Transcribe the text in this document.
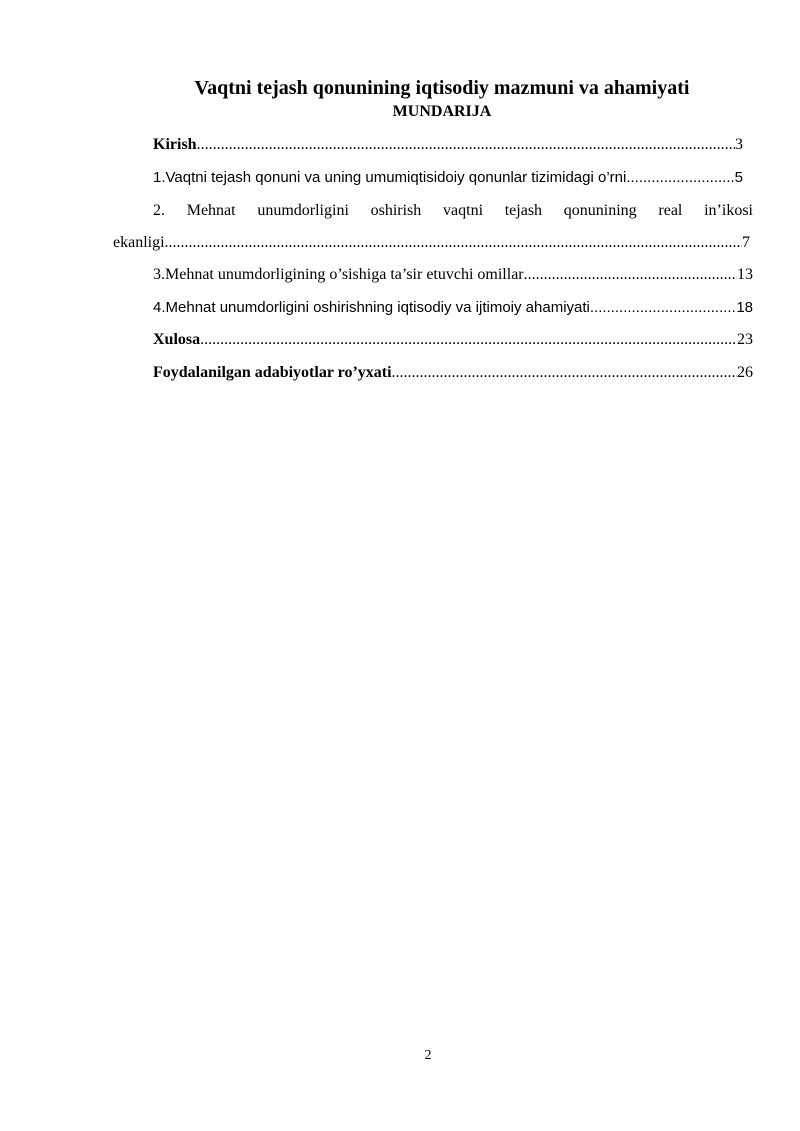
Vaqtni tejash qonunining iqtisodiy mazmuni va ahamiyati
MUNDARIJA
Kirish .....	3
1.Vaqtni tejash qonuni va uning umumiqtisidoiy qonunlar tizimidagi o’rni .....	5
2. Mehnat unumdorligini oshirish vaqtni tejash qonunining real in’ikosi
ekanligi .....	7
3.Mehnat unumdorligining o’sishiga ta’sir etuvchi omillar .....	13
4.Mehnat unumdorligini oshirishning iqtisodiy va ijtimoiy ahamiyati .....	18
Xulosa .....	23
Foydalanilgan adabiyotlar ro’yxati .....	26
2
